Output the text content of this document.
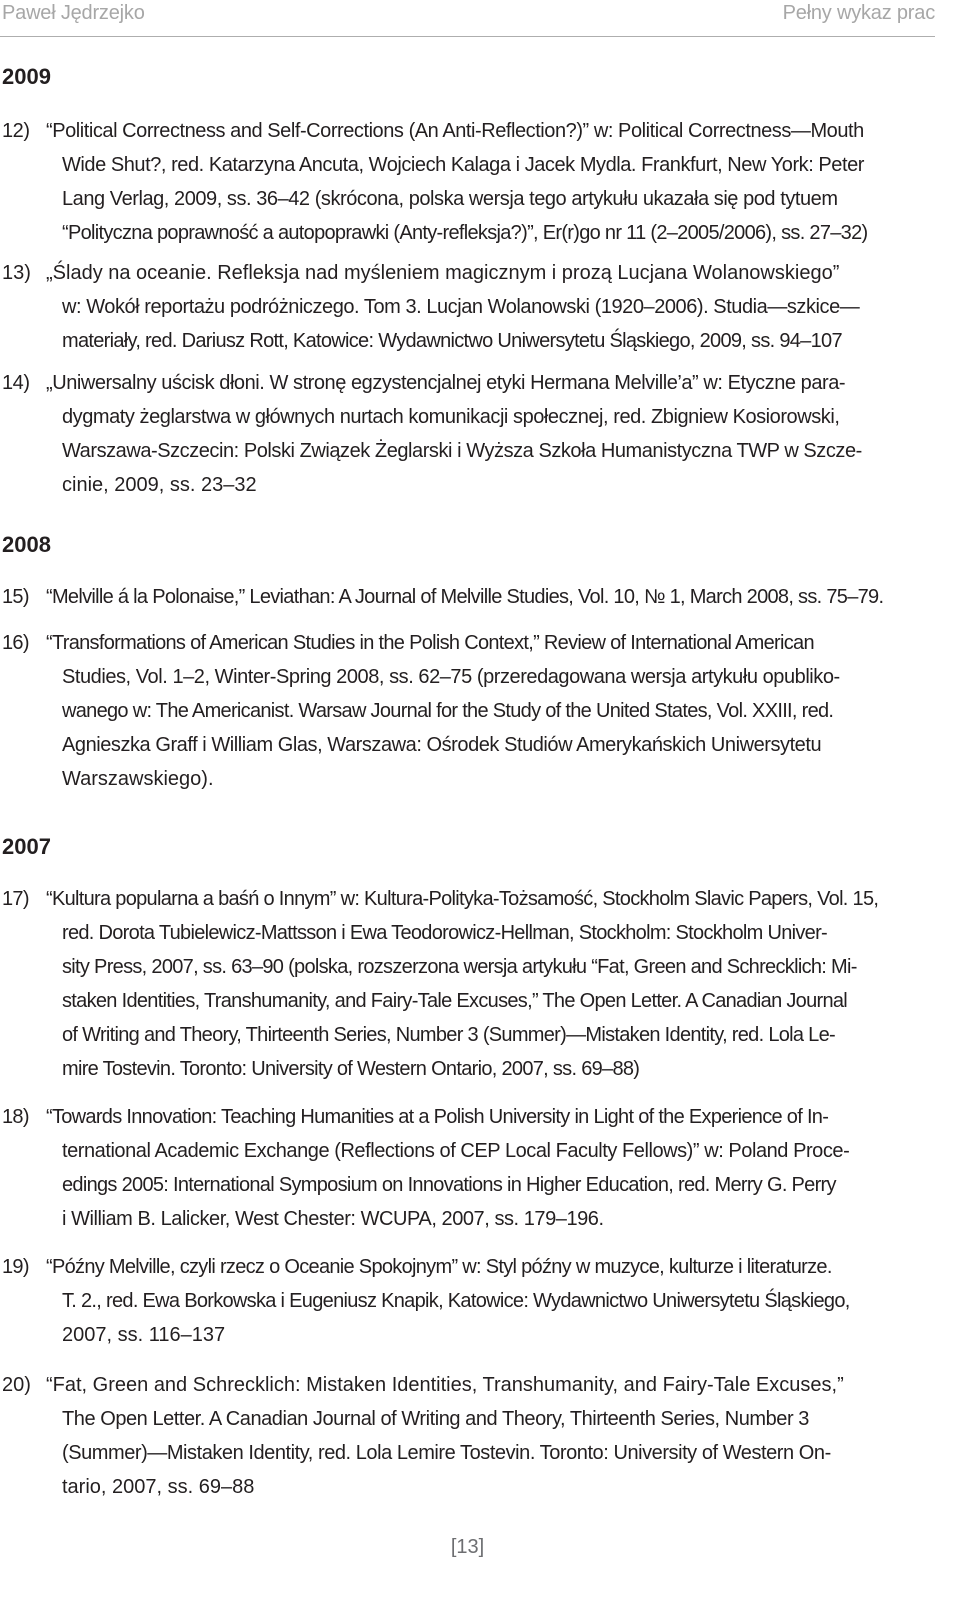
Paweł Jędrzejko	Pełny wykaz prac
2009
12) “Political Correctness and Self-Corrections (An Anti-Reflection?)” w: Political Correctness—Mouth
Wide Shut?, red. Katarzyna Ancuta, Wojciech Kalaga i Jacek Mydla. Frankfurt, New York: Peter
Lang Verlag, 2009, ss. 36–42 (skrócona, polska wersja tego artykułu ukazała się pod tytuem
“Polityczna poprawność a autopoprawki (Anty-refleksja?)”, Er(r)go nr 11 (2–2005/2006), ss. 27–32)
13) „Ślady na oceanie. Refleksja nad myśleniem magicznym i prozą Lucjana Wolanowskiego”
w: Wokół reportażu podróżniczego. Tom 3. Lucjan Wolanowski (1920–2006). Studia—szkice—
materiały, red. Dariusz Rott, Katowice: Wydawnictwo Uniwersytetu Śląskiego, 2009, ss. 94–107
14) „Uniwersalny uścisk dłoni. W stronę egzystencjalnej etyki Hermana Melville’a” w: Etyczne para-
dygmaty żeglarstwa w głównych nurtach komunikacji społecznej, red. Zbigniew Kosiorowski,
Warszawa-Szczecin: Polski Związek Żeglarski i Wyższa Szkoła Humanistyczna TWP w Szcze-
cinie, 2009, ss. 23–32
2008
15) “Melville á la Polonaise,” Leviathan: A Journal of Melville Studies, Vol. 10, № 1, March 2008, ss. 75–79.
16) “Transformations of American Studies in the Polish Context,” Review of International American
Studies, Vol. 1–2, Winter-Spring 2008, ss. 62–75 (przeredagowana wersja artykułu opubliko-
wanego w: The Americanist. Warsaw Journal for the Study of the United States, Vol. XXIII, red.
Agnieszka Graff i William Glas, Warszawa: Ośrodek Studiów Amerykańskich Uniwersytetu
Warszawskiego).
2007
17) “Kultura popularna a baśń o Innym” w: Kultura-Polityka-Tożsamość, Stockholm Slavic Papers, Vol. 15,
red. Dorota Tubielewicz-Mattsson i Ewa Teodorowicz-Hellman, Stockholm: Stockholm Univer-
sity Press, 2007, ss. 63–90 (polska, rozszerzona wersja artykułu “Fat, Green and Schrecklich: Mi-
staken Identities, Transhumanity, and Fairy-Tale Excuses,” The Open Letter. A Canadian Journal
of Writing and Theory, Thirteenth Series, Number 3 (Summer)—Mistaken Identity, red. Lola Le-
mire Tostevin. Toronto: University of Western Ontario, 2007, ss. 69–88)
18) “Towards Innovation: Teaching Humanities at a Polish University in Light of the Experience of In-
ternational Academic Exchange (Reflections of CEP Local Faculty Fellows)” w: Poland Proce-
edings 2005: International Symposium on Innovations in Higher Education, red. Merry G. Perry
i William B. Lalicker, West Chester: WCUPA, 2007, ss. 179–196.
19) “Późny Melville, czyli rzecz o Oceanie Spokojnym” w: Styl późny w muzyce, kulturze i literaturze.
T. 2., red. Ewa Borkowska i Eugeniusz Knapik, Katowice: Wydawnictwo Uniwersytetu Śląskiego,
2007, ss. 116–137
20) “Fat, Green and Schrecklich: Mistaken Identities, Transhumanity, and Fairy-Tale Excuses,”
The Open Letter. A Canadian Journal of Writing and Theory, Thirteenth Series, Number 3
(Summer)—Mistaken Identity, red. Lola Lemire Tostevin. Toronto: University of Western On-
tario, 2007, ss. 69–88
[13]
